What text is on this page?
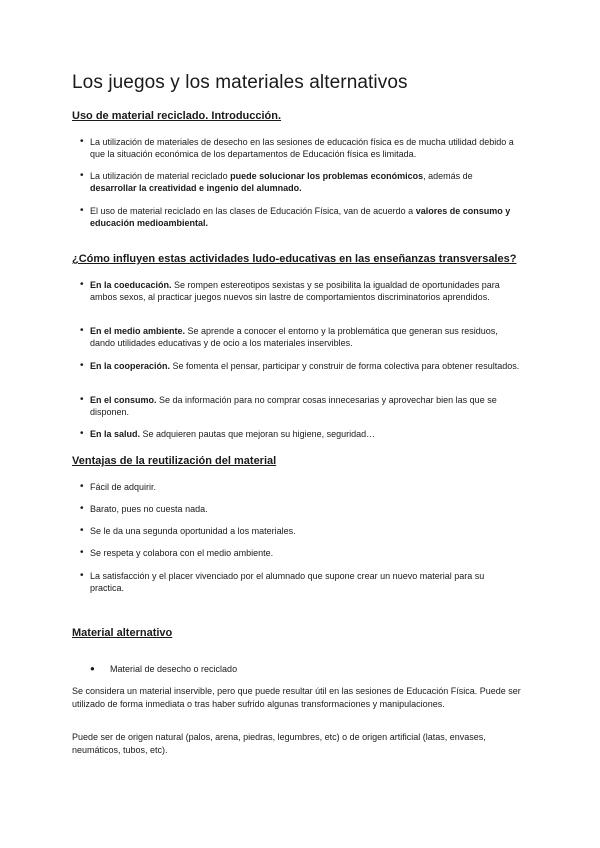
Los juegos y los materiales alternativos
Uso de material reciclado. Introducción.
• La utilización de materiales de desecho en las sesiones de educación física es de mucha utilidad debido a que la situación económica de los departamentos de Educación física es limitada.
• La utilización de material reciclado puede solucionar los problemas económicos, además de desarrollar la creatividad e ingenio del alumnado.
• El uso de material reciclado en las clases de Educación Física, van de acuerdo a valores de consumo y educación medioambiental.
¿Cómo influyen estas actividades ludo-educativas en las enseñanzas transversales?
• En la coeducación. Se rompen estereotipos sexistas y se posibilita la igualdad de oportunidades para ambos sexos, al practicar juegos nuevos sin lastre de comportamientos discriminatorios aprendidos.
• En el medio ambiente. Se aprende a conocer el entorno y la problemática que generan sus residuos, dando utilidades educativas y de ocio a los materiales inservibles.
• En la cooperación. Se fomenta el pensar, participar y construir de forma colectiva para obtener resultados.
• En el consumo. Se da información para no comprar cosas innecesarias y aprovechar bien las que se disponen.
• En la salud. Se adquieren pautas que mejoran su higiene, seguridad…
Ventajas de la reutilización del material
• Fácil de adquirir.
• Barato, pues no cuesta nada.
• Se le da una segunda oportunidad a los materiales.
• Se respeta y colabora con el medio ambiente.
• La satisfacción y el placer vivenciado por el alumnado que supone crear un nuevo material para su practica.
Material alternativo
● Material de desecho o reciclado

Se considera un material inservible, pero que puede resultar útil en las sesiones de Educación Física. Puede ser utilizado de forma inmediata o tras haber sufrido algunas transformaciones y manipulaciones.

Puede ser de origen natural (palos, arena, piedras, legumbres, etc) o de origen artificial (latas, envases, neumáticos, tubos, etc).
